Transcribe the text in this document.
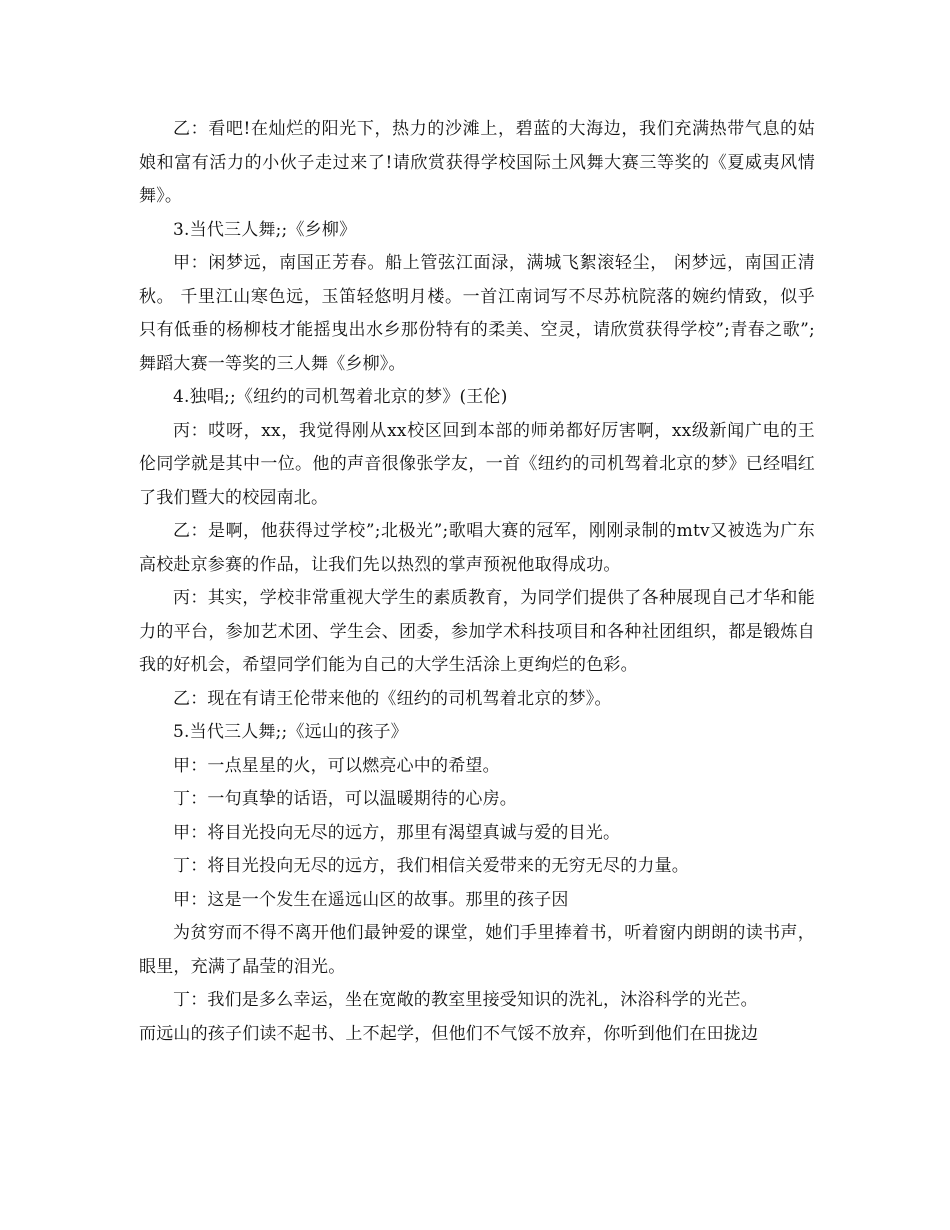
乙：看吧!在灿烂的阳光下，热力的沙滩上，碧蓝的大海边，我们充满热带气息的姑娘和富有活力的小伙子走过来了!请欣赏获得学校国际土风舞大赛三等奖的《夏威夷风情舞》。

3.当代三人舞;;《乡柳》

甲：闲梦远，南国正芳春。船上管弦江面渌，满城飞絮滚轻尘， 闲梦远，南国正清秋。 千里江山寒色远，玉笛轻悠明月楼。一首江南词写不尽苏杭院落的婉约情致，似乎只有低垂的杨柳枝才能摇曳出水乡那份特有的柔美、空灵，请欣赏获得学校”;青春之歌”;舞蹈大赛一等奖的三人舞《乡柳》。

4.独唱;;《纽约的司机驾着北京的梦》(王伦)

丙：哎呀，xx，我觉得刚从xx校区回到本部的师弟都好厉害啊，xx级新闻广电的王伦同学就是其中一位。他的声音很像张学友，一首《纽约的司机驾着北京的梦》已经唱红了我们暨大的校园南北。

乙：是啊，他获得过学校”;北极光”;歌唱大赛的冠军，刚刚录制的mtv又被选为广东高校赴京参赛的作品，让我们先以热烈的掌声预祝他取得成功。

丙：其实，学校非常重视大学生的素质教育，为同学们提供了各种展现自己才华和能力的平台，参加艺术团、学生会、团委，参加学术科技项目和各种社团组织，都是锻炼自我的好机会，希望同学们能为自己的大学生活涂上更绚烂的色彩。

乙：现在有请王伦带来他的《纽约的司机驾着北京的梦》。

5.当代三人舞;;《远山的孩子》

甲：一点星星的火，可以燃亮心中的希望。

丁：一句真挚的话语，可以温暖期待的心房。

甲：将目光投向无尽的远方，那里有渴望真诚与爱的目光。

丁：将目光投向无尽的远方，我们相信关爱带来的无穷无尽的力量。

甲：这是一个发生在遥远山区的故事。那里的孩子因

为贫穷而不得不离开他们最钟爱的课堂，她们手里捧着书，听着窗内朗朗的读书声，眼里，充满了晶莹的泪光。

丁：我们是多么幸运，坐在宽敞的教室里接受知识的洗礼，沐浴科学的光芒。

而远山的孩子们读不起书、上不起学，但他们不气馁不放弃，你听到他们在田拢边
